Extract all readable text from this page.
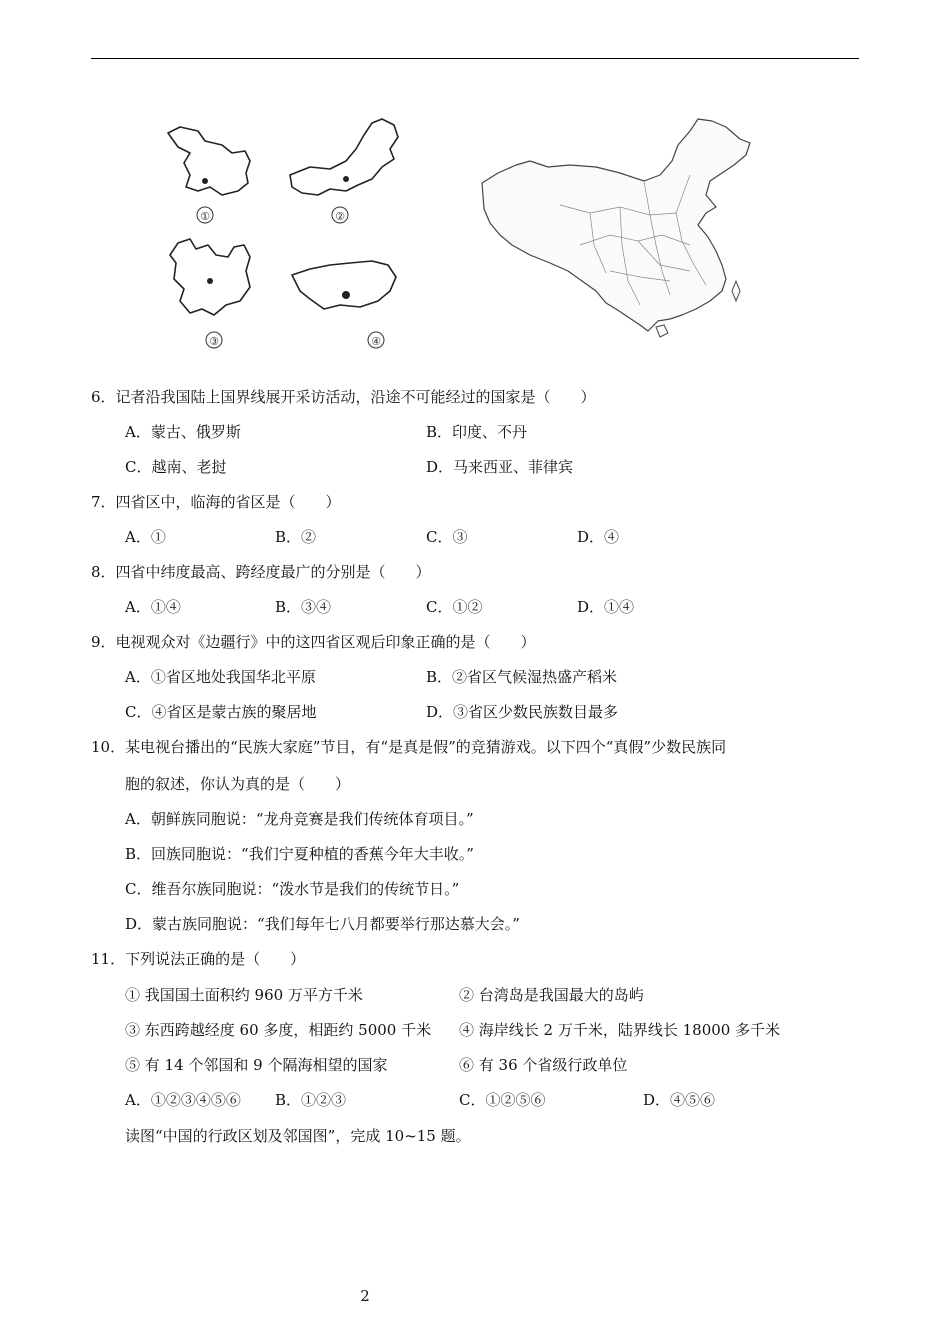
①	②
③	④
6．记者沿我国陆上国界线展开采访活动，沿途不可能经过的国家是（　　）
A．蒙古、俄罗斯	B．印度、不丹
C．越南、老挝	D．马来西亚、菲律宾
7．四省区中，临海的省区是（　　）
A．①	B．②	C．③	D．④
8．四省中纬度最高、跨经度最广的分别是（　　）
A．①④	B．③④	C．①②	D．①④
9．电视观众对《边疆行》中的这四省区观后印象正确的是（　　）
A．①省区地处我国华北平原	B．②省区气候湿热盛产稻米
C．④省区是蒙古族的聚居地	D．③省区少数民族数目最多
10．某电视台播出的“民族大家庭”节目，有“是真是假”的竞猜游戏。以下四个“真假”少数民族同
胞的叙述，你认为真的是（　　）
A．朝鲜族同胞说：“龙舟竞赛是我们传统体育项目。”
B．回族同胞说：“我们宁夏种植的香蕉今年大丰收。”
C．维吾尔族同胞说：“泼水节是我们的传统节日。”
D．蒙古族同胞说：“我们每年七八月都要举行那达慕大会。”
11．下列说法正确的是（　　）
① 我国国土面积约 960 万平方千米	② 台湾岛是我国最大的岛屿
③ 东西跨越经度 60 多度，相距约 5000 千米 ④ 海岸线长 2 万千米，陆界线长 18000 多千米
⑤ 有 14 个邻国和 9 个隔海相望的国家	⑥ 有 36 个省级行政单位
A．①②③④⑤⑥ B．①②③	C．①②⑤⑥	D．④⑤⑥
读图“中国的行政区划及邻国图”，完成 10~15 题。
2
